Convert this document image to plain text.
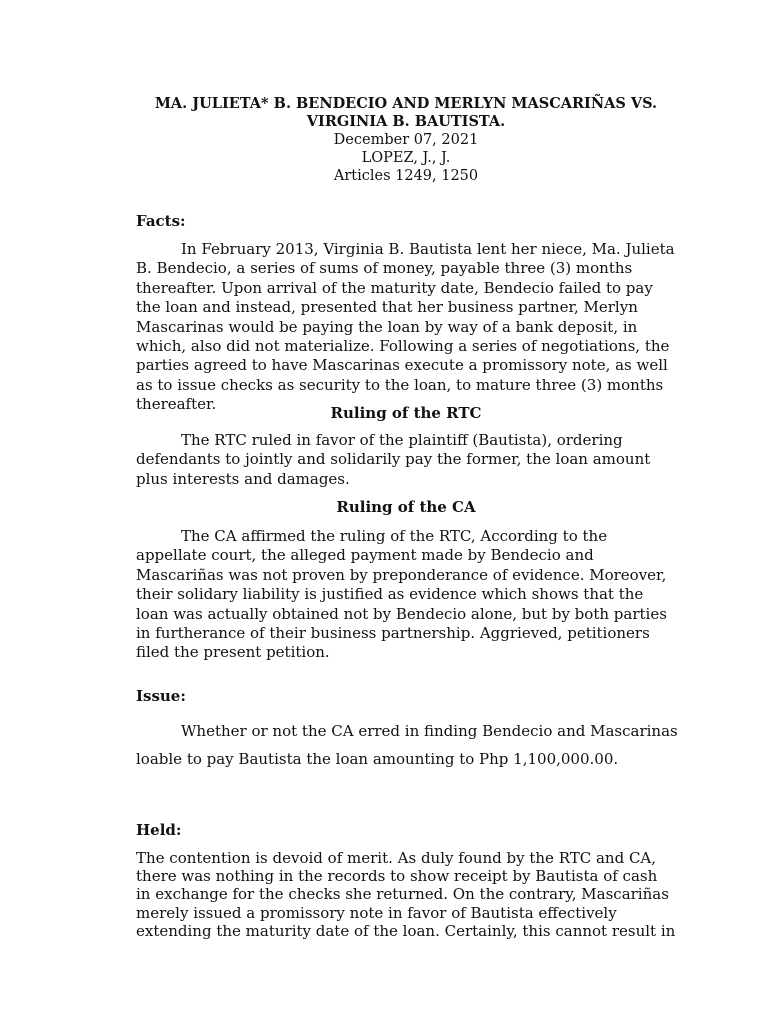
MA. JULIETA* B. BENDECIO AND MERLYN MASCARIÑAS VS.
VIRGINIA B. BAUTISTA.
December 07, 2021
LOPEZ, J., J.
Articles 1249, 1250
Facts:
In February 2013, Virginia B. Bautista lent her niece, Ma. Julieta B. Bendecio, a series of sums of money, payable three (3) months thereafter. Upon arrival of the maturity date, Bendecio failed to pay the loan and instead, presented that her business partner, Merlyn Mascarinas would be paying the loan by way of a bank deposit, in which, also did not materialize. Following a series of negotiations, the parties agreed to have Mascarinas execute a promissory note, as well as to issue checks as security to the loan, to mature three (3) months thereafter.	Ruling of the RTC
The RTC ruled in favor of the plaintiff (Bautista), ordering defendants to jointly and solidarily pay the former, the loan amount plus interests and damages.
Ruling of the CA
The CA affirmed the ruling of the RTC, According to the appellate court, the alleged payment made by Bendecio and Mascariñas was not proven by preponderance of evidence. Moreover, their solidary liability is justified as evidence which shows that the loan was actually obtained not by Bendecio alone, but by both parties in furtherance of their business partnership. Aggrieved, petitioners filed the present petition.
Issue:
Whether or not the CA erred in finding Bendecio and Mascarinas
loable to pay Bautista the loan amounting to Php 1,100,000.00.
Held:
The contention is devoid of merit. As duly found by the RTC and CA, there was nothing in the records to show receipt by Bautista of cash in exchange for the checks she returned. On the contrary, Mascariñas merely issued a promissory note in favor of Bautista effectively extending the maturity date of the loan. Certainly, this cannot result in
